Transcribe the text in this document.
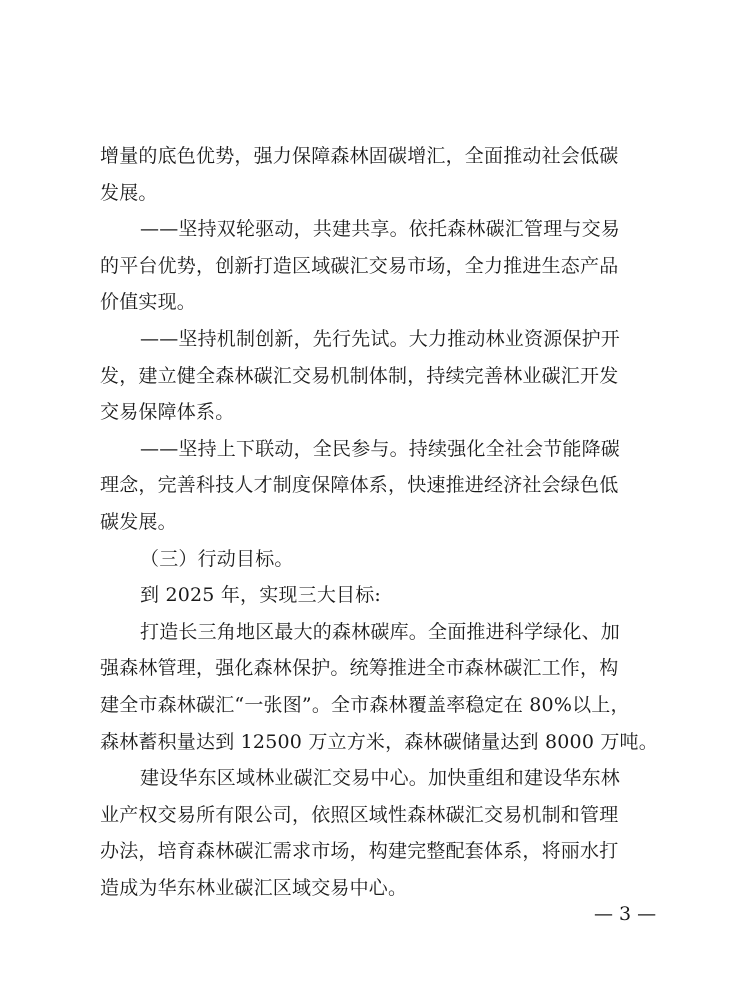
增量的底色优势，强力保障森林固碳增汇，全面推动社会低碳
发展。
——坚持双轮驱动，共建共享。依托森林碳汇管理与交易
的平台优势，创新打造区域碳汇交易市场，全力推进生态产品
价值实现。
——坚持机制创新，先行先试。大力推动林业资源保护开
发，建立健全森林碳汇交易机制体制，持续完善林业碳汇开发
交易保障体系。
——坚持上下联动，全民参与。持续强化全社会节能降碳
理念，完善科技人才制度保障体系，快速推进经济社会绿色低
碳发展。
（三）行动目标。
到 2025 年，实现三大目标:
打造长三角地区最大的森林碳库。全面推进科学绿化、加
强森林管理，强化森林保护。统筹推进全市森林碳汇工作，构
建全市森林碳汇“一张图”。全市森林覆盖率稳定在 80%以上，
森林蓄积量达到 12500 万立方米，森林碳储量达到 8000 万吨。
建设华东区域林业碳汇交易中心。加快重组和建设华东林
业产权交易所有限公司，依照区域性森林碳汇交易机制和管理
办法，培育森林碳汇需求市场，构建完整配套体系，将丽水打
造成为华东林业碳汇区域交易中心。
— 3 —
